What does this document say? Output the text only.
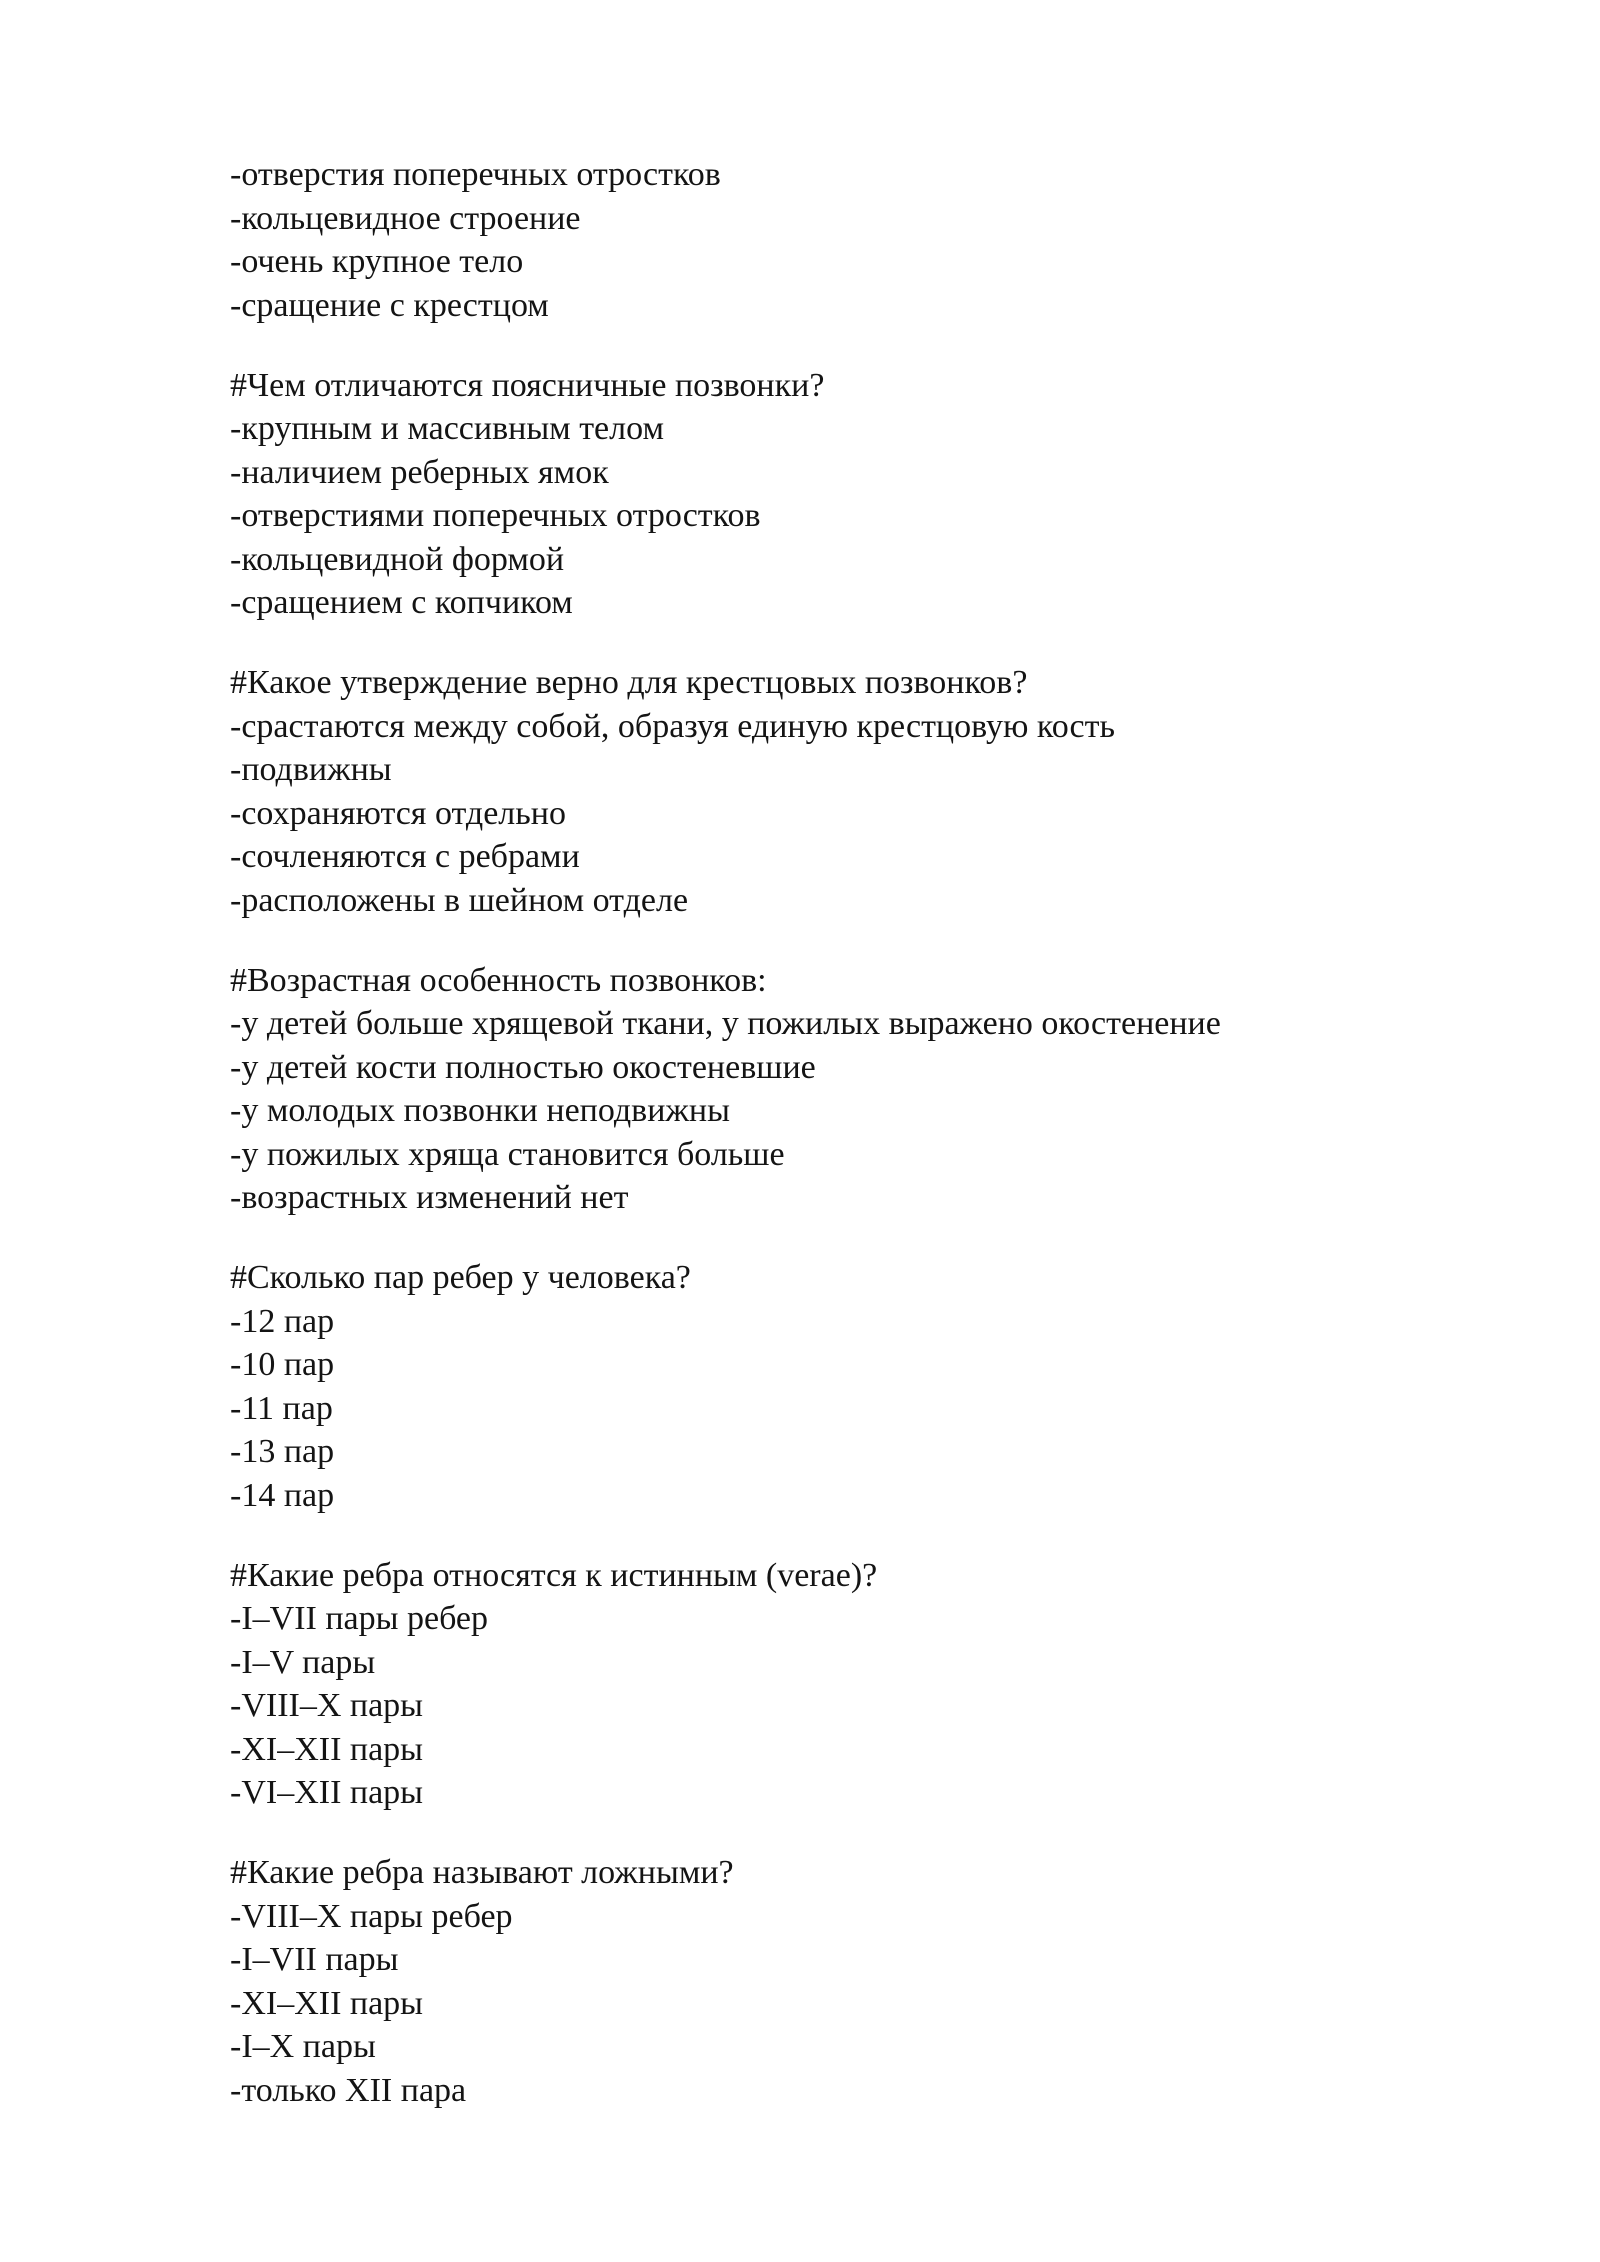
-отверстия поперечных отростков
-кольцевидное строение
-очень крупное тело
-сращение с крестцом
#Чем отличаются поясничные позвонки?
-крупным и массивным телом
-наличием реберных ямок
-отверстиями поперечных отростков
-кольцевидной формой
-сращением с копчиком
#Какое утверждение верно для крестцовых позвонков?
-срастаются между собой, образуя единую крестцовую кость
-подвижны
-сохраняются отдельно
-сочленяются с ребрами
-расположены в шейном отделе
#Возрастная особенность позвонков:
-у детей больше хрящевой ткани, у пожилых выражено окостенение
-у детей кости полностью окостеневшие
-у молодых позвонки неподвижны
-у пожилых хряща становится больше
-возрастных изменений нет
#Сколько пар ребер у человека?
-12 пар
-10 пар
-11 пар
-13 пар
-14 пар
#Какие ребра относятся к истинным (verae)?
-I–VII пары ребер
-I–V пары
-VIII–X пары
-XI–XII пары
-VI–XII пары
#Какие ребра называют ложными?
-VIII–X пары ребер
-I–VII пары
-XI–XII пары
-I–X пары
-только XII пара
